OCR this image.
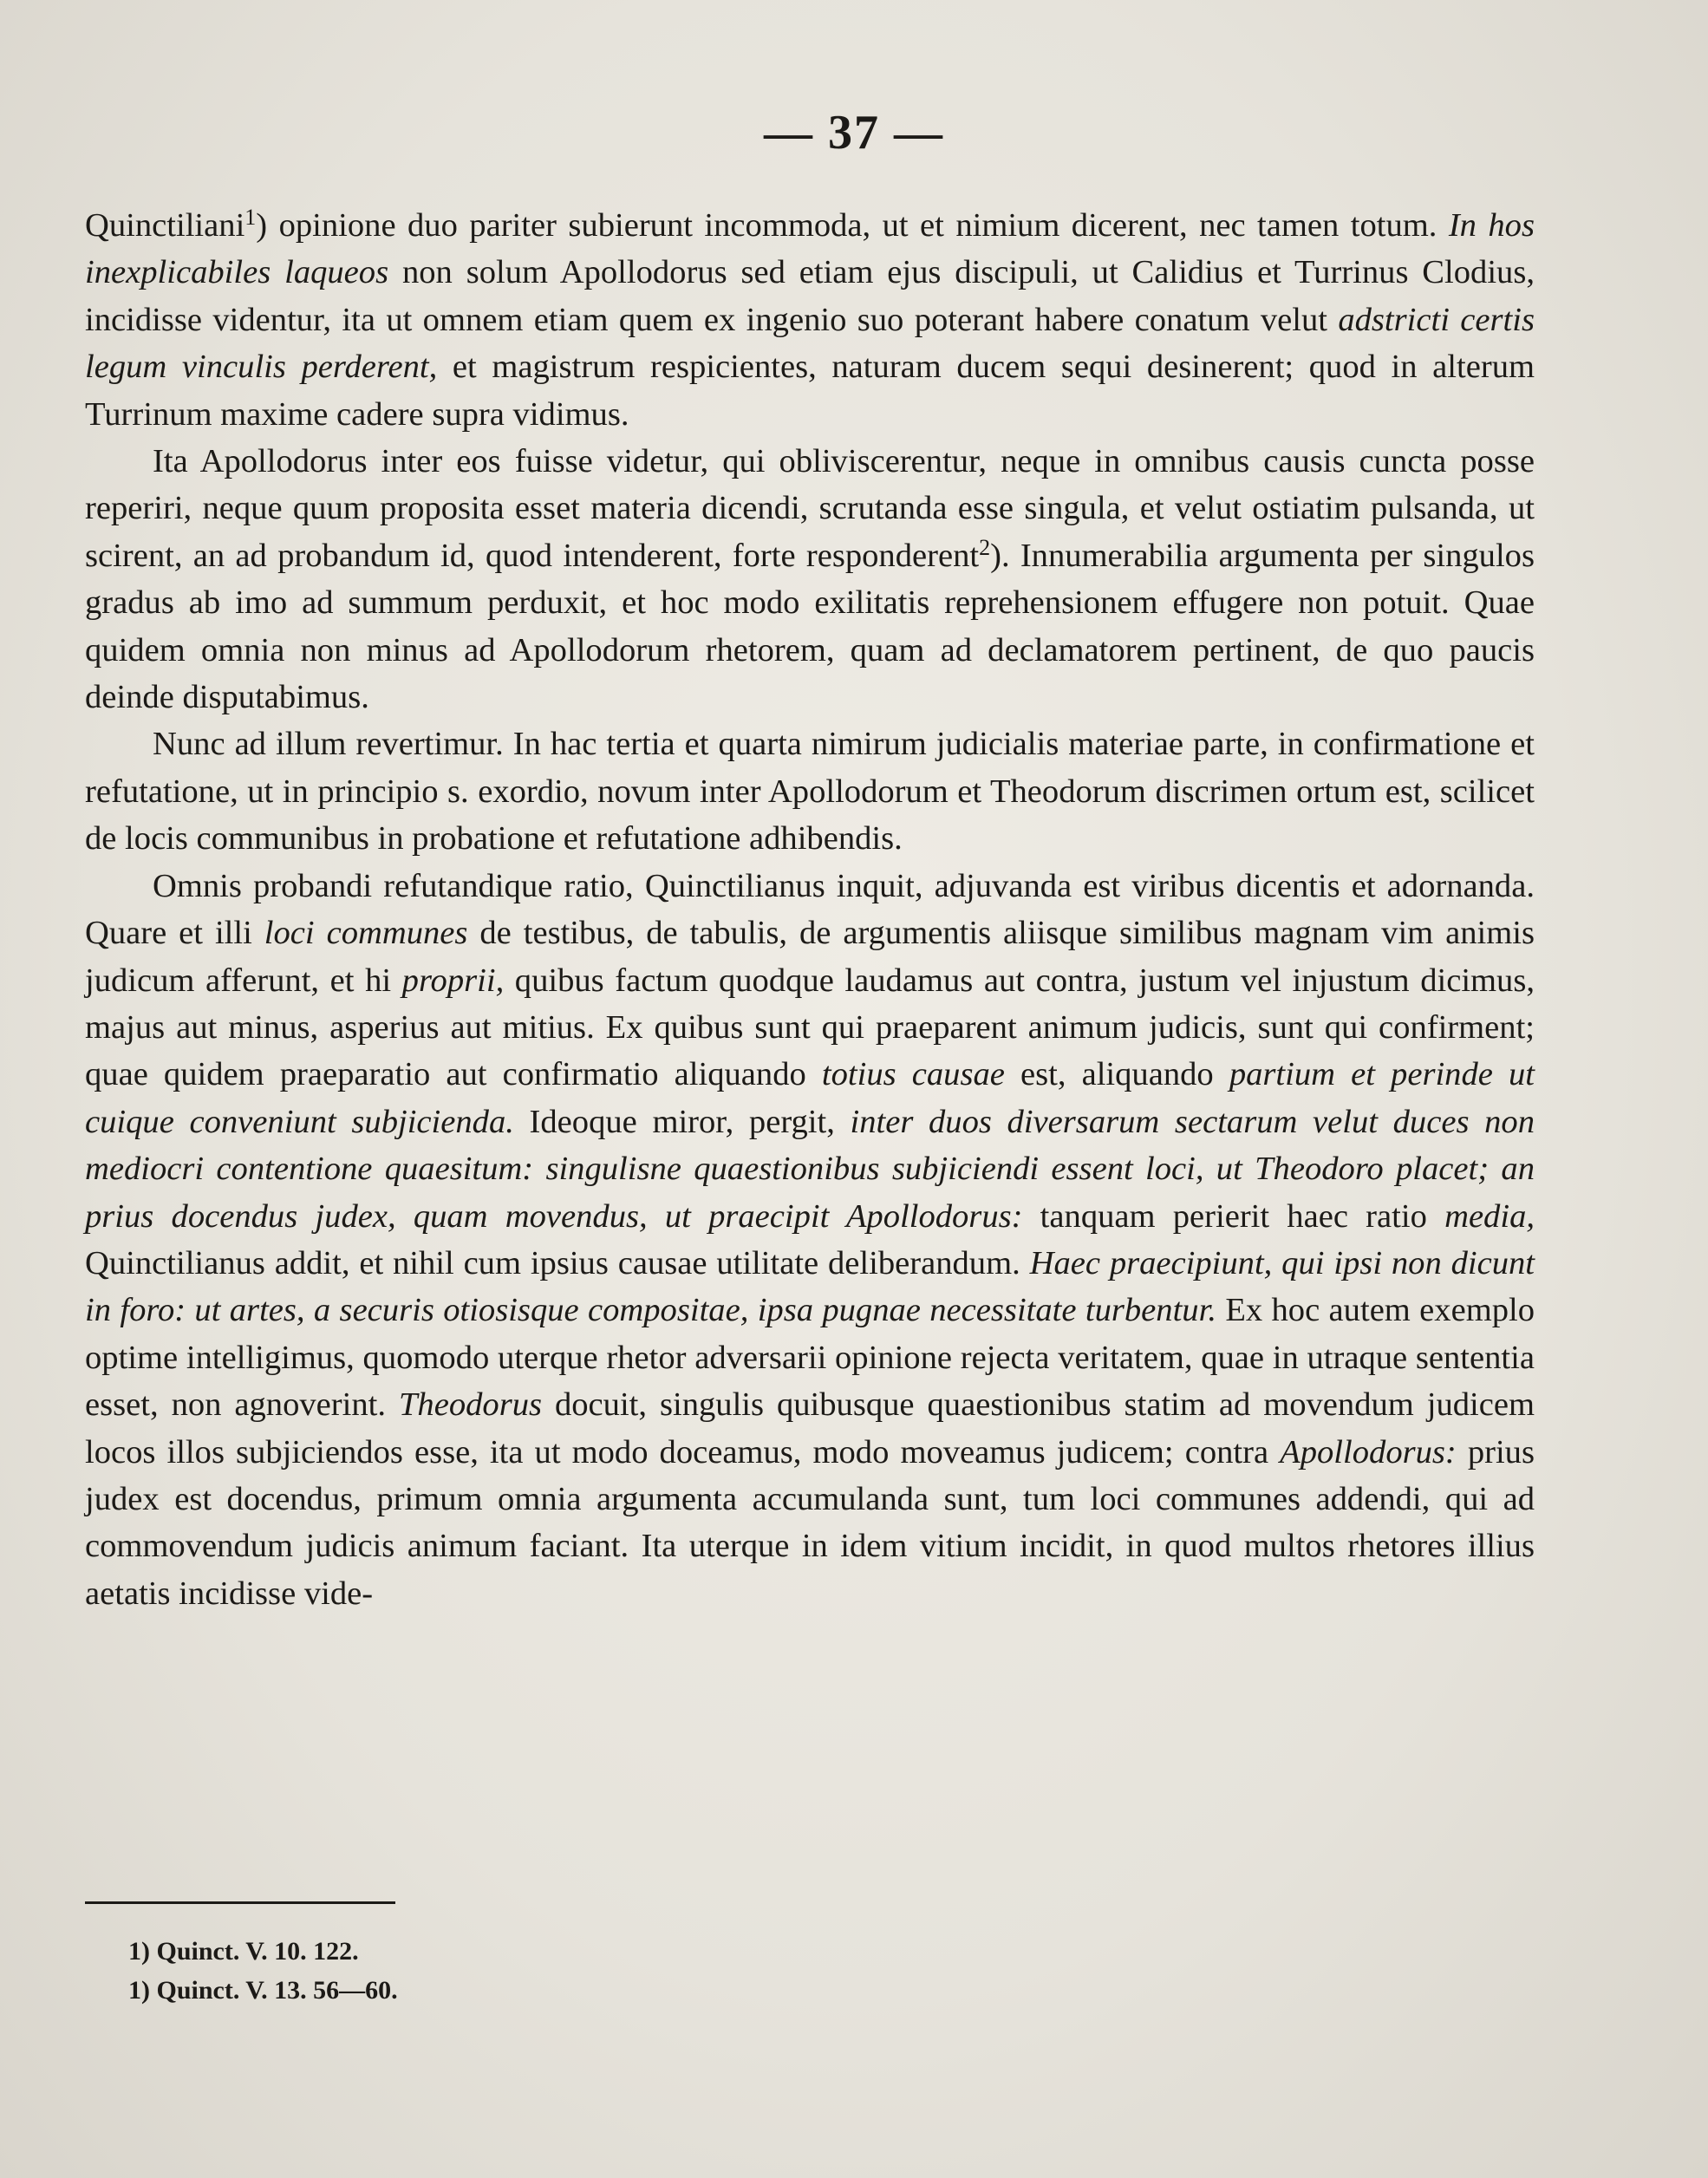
— 37 —

Quinctiliani$^1$) opinione duo pariter subierunt incommoda, ut et nimium dicerent, nec tamen totum. In hos inexplicabiles laqueos non solum Apollodorus sed etiam ejus discipuli, ut Calidius et Turrinus Clodius, incidisse videntur, ita ut omnem etiam quem ex ingenio suo poterant habere conatum velut adstricti certis legum vinculis perderent, et magistrum respicientes, naturam ducem sequi desinerent; quod in alterum Turrinum maxime cadere supra vidimus.

Ita Apollodorus inter eos fuisse videtur, qui obliviscerentur, neque in omnibus causis cuncta posse reperiri, neque quum proposita esset materia dicendi, scrutanda esse singula, et velut ostiatim pulsanda, ut scirent, an ad probandum id, quod intenderent, forte responderent$^2$). Innumerabilia argumenta per singulos gradus ab imo ad summum perduxit, et hoc modo exilitatis reprehensionem effugere non potuit. Quae quidem omnia non minus ad Apollodorum rhetorem, quam ad declamatorem pertinent, de quo paucis deinde disputabimus.

Nunc ad illum revertimur. In hac tertia et quarta nimirum judicialis materiae parte, in confirmatione et refutatione, ut in principio s. exordio, novum inter Apollodorum et Theodorum discrimen ortum est, scilicet de locis communibus in probatione et refutatione adhibendis.

Omnis probandi refutandique ratio, Quinctilianus inquit, adjuvanda est viribus dicentis et adornanda. Quare et illi loci communes de testibus, de tabulis, de argumentis aliisque similibus magnam vim animis judicum afferunt, et hi proprii, quibus factum quodque laudamus aut contra, justum vel injustum dicimus, majus aut minus, asperius aut mitius. Ex quibus sunt qui praeparent animum judicis, sunt qui confirment; quae quidem praeparatio aut confirmatio aliquando totius causae est, aliquando partium et perinde ut cuique conveniunt subjicienda. Ideoque miror, pergit, inter duos diversarum sectarum velut duces non mediocri contentione quaesitum: singulisne quaestionibus subjiciendi essent loci, ut Theodoro placet; an prius docendus judex, quam movendus, ut praecipit Apollodorus: tanquam perierit haec ratio media, Quinctilianus addit, et nihil cum ipsius causae utilitate deliberandum. Haec praecipiunt, qui ipsi non dicunt in foro: ut artes, a securis otiosisque compositae, ipsa pugnae necessitate turbentur. Ex hoc autem exemplo optime intelligimus, quomodo uterque rhetor adversarii opinione rejecta veritatem, quae in utraque sententia esset, non agnoverint. Theodorus docuit, singulis quibusque quaestionibus statim ad movendum judicem locos illos subjiciendos esse, ita ut modo doceamus, modo moveamus judicem; contra Apollodorus: prius judex est docendus, primum omnia argumenta accumulanda sunt, tum loci communes addendi, qui ad commovendum judicis animum faciant. Ita uterque in idem vitium incidit, in quod multos rhetores illius aetatis incidisse vide-

1) Quinct. V. 10. 122.
1) Quinct. V. 13. 56—60.
